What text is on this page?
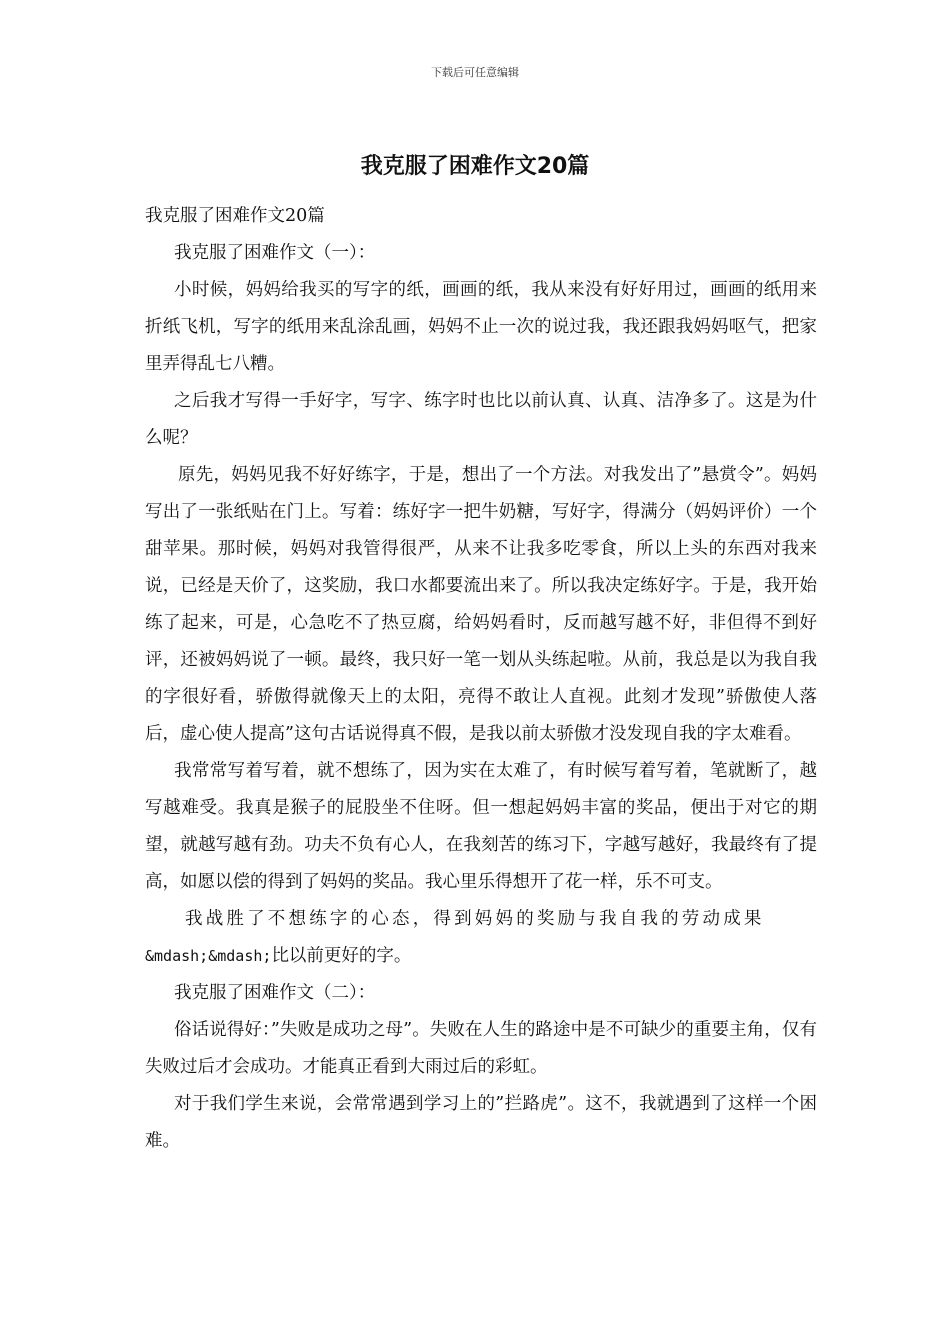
下载后可任意编辑
我克服了困难作文20篇

我克服了困难作文20篇

我克服了困难作文（一）：

小时候，妈妈给我买的写字的纸，画画的纸，我从来没有好好用过，画画的纸用来折纸飞机，写字的纸用来乱涂乱画，妈妈不止一次的说过我，我还跟我妈妈呕气，把家里弄得乱七八糟。

之后我才写得一手好字，写字、练字时也比以前认真、认真、洁净多了。这是为什么呢？

原先，妈妈见我不好好练字，于是，想出了一个方法。对我发出了”悬赏令”。妈妈写出了一张纸贴在门上。写着：练好字一把牛奶糖，写好字，得满分（妈妈评价）一个甜苹果。那时候，妈妈对我管得很严，从来不让我多吃零食，所以上头的东西对我来说，已经是天价了，这奖励，我口水都要流出来了。所以我决定练好字。于是，我开始练了起来，可是，心急吃不了热豆腐，给妈妈看时，反而越写越不好，非但得不到好评，还被妈妈说了一顿。最终，我只好一笔一划从头练起啦。从前，我总是以为我自我的字很好看，骄傲得就像天上的太阳，亮得不敢让人直视。此刻才发现”骄傲使人落后，虚心使人提高”这句古话说得真不假，是我以前太骄傲才没发现自我的字太难看。

我常常写着写着，就不想练了，因为实在太难了，有时候写着写着，笔就断了，越写越难受。我真是猴子的屁股坐不住呀。但一想起妈妈丰富的奖品，便出于对它的期望，就越写越有劲。功夫不负有心人，在我刻苦的练习下，字越写越好，我最终有了提高，如愿以偿的得到了妈妈的奖品。我心里乐得想开了花一样，乐不可支。

我战胜了不想练字的心态，得到妈妈的奖励与我自我的劳动成果

&mdash;&mdash;比以前更好的字。

我克服了困难作文（二）：

俗话说得好：”失败是成功之母”。失败在人生的路途中是不可缺少的重要主角，仅有失败过后才会成功。才能真正看到大雨过后的彩虹。

对于我们学生来说，会常常遇到学习上的”拦路虎”。这不，我就遇到了这样一个困难。
